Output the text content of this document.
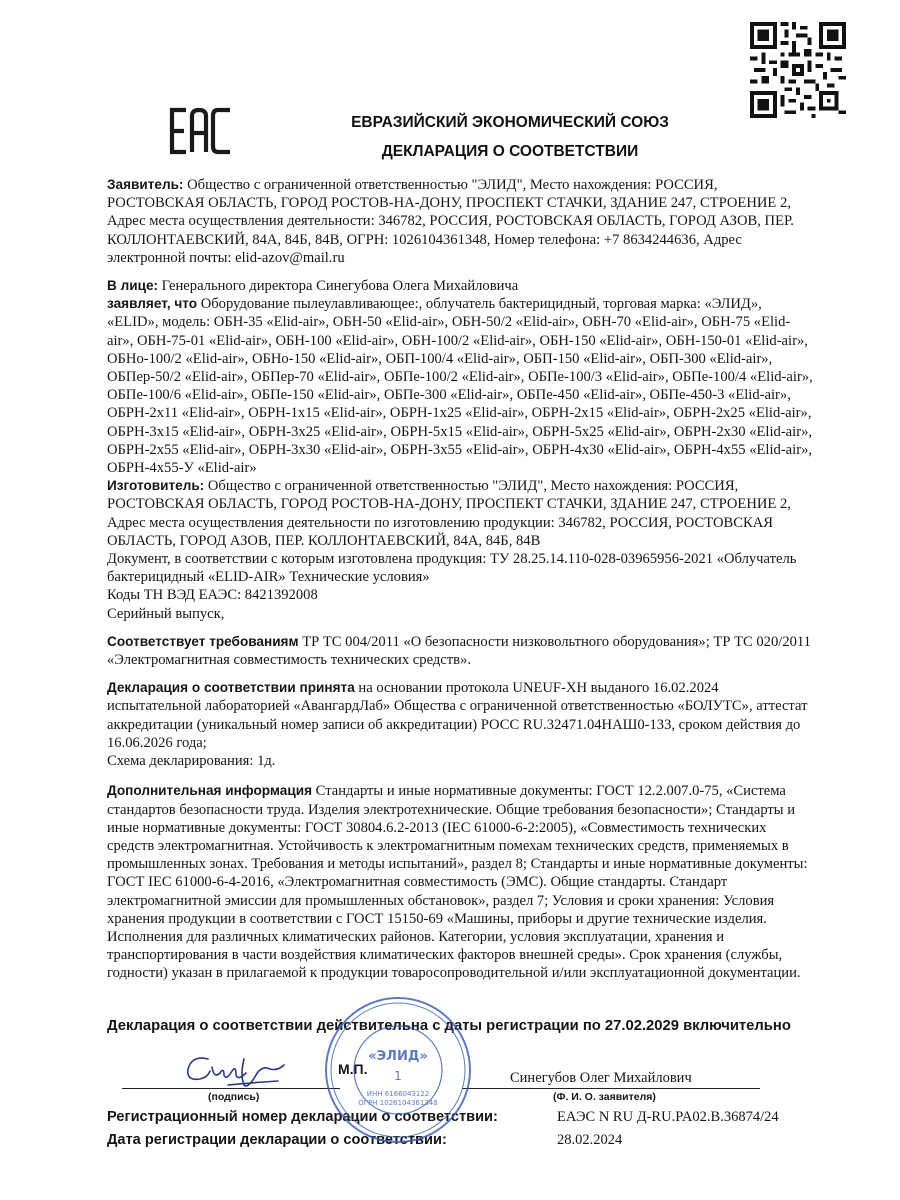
ЕВРАЗИЙСКИЙ ЭКОНОМИЧЕСКИЙ СОЮЗ
ДЕКЛАРАЦИЯ О СООТВЕТСТВИИ

Заявитель: Общество с ограниченной ответственностью "ЭЛИД", Место нахождения: РОССИЯ, РОСТОВСКАЯ ОБЛАСТЬ, ГОРОД РОСТОВ-НА-ДОНУ, ПРОСПЕКТ СТАЧКИ, ЗДАНИЕ 247, СТРОЕНИЕ 2, Адрес места осуществления деятельности: 346782, РОССИЯ, РОСТОВСКАЯ ОБЛАСТЬ, ГОРОД АЗОВ, ПЕР. КОЛЛОНТАЕВСКИЙ, 84А, 84Б, 84В, ОГРН: 1026104361348, Номер телефона: +7 8634244636, Адрес электронной почты: elid-azov@mail.ru

В лице: Генерального директора Синегубова Олега Михайловича

заявляет, что Оборудование пылеулавливающее:, облучатель бактерицидный, торговая марка: «ЭЛИД», «ELID», модель: ОБН-35 «Elid-air», ОБН-50 «Elid-air», ОБН-50/2 «Elid-air», ОБН-70 «Elid-air», ОБН-75 «Elid-air», ОБН-75-01 «Elid-air», ОБН-100 «Elid-air», ОБН-100/2 «Elid-air», ОБН-150 «Elid-air», ОБН-150-01 «Elid-air», ОБНо-100/2 «Elid-air», ОБНо-150 «Elid-air», ОБП-100/4 «Elid-air», ОБП-150 «Elid-air», ОБП-300 «Elid-air», ОБПер-50/2 «Elid-air», ОБПер-70 «Elid-air», ОБПе-100/2 «Elid-air», ОБПе-100/3 «Elid-air», ОБПе-100/4 «Elid-air», ОБПе-100/6 «Elid-air», ОБПе-150 «Elid-air», ОБПе-300 «Elid-air», ОБПе-450 «Elid-air», ОБПе-450-3 «Elid-air», ОБРН-2х11 «Elid-air», ОБРН-1х15 «Elid-air», ОБРН-1х25 «Elid-air», ОБРН-2х15 «Elid-air», ОБРН-2х25 «Elid-air», ОБРН-3х15 «Elid-air», ОБРН-3х25 «Elid-air», ОБРН-5х15 «Elid-air», ОБРН-5х25 «Elid-air», ОБРН-2х30 «Elid-air», ОБРН-2х55 «Elid-air», ОБРН-3х30 «Elid-air», ОБРН-3х55 «Elid-air», ОБРН-4х30 «Elid-air», ОБРН-4х55 «Elid-air», ОБРН-4х55-У «Elid-air»

Изготовитель: Общество с ограниченной ответственностью "ЭЛИД", Место нахождения: РОССИЯ, РОСТОВСКАЯ ОБЛАСТЬ, ГОРОД РОСТОВ-НА-ДОНУ, ПРОСПЕКТ СТАЧКИ, ЗДАНИЕ 247, СТРОЕНИЕ 2, Адрес места осуществления деятельности по изготовлению продукции: 346782, РОССИЯ, РОСТОВСКАЯ ОБЛАСТЬ, ГОРОД АЗОВ, ПЕР. КОЛЛОНТАЕВСКИЙ, 84А, 84Б, 84В

Документ, в соответствии с которым изготовлена продукция: ТУ 28.25.14.110-028-03965956-2021 «Облучатель бактерицидный «ELID-AIR» Технические условия»

Коды ТН ВЭД ЕАЭС: 8421392008

Серийный выпуск,

Соответствует требованиям ТР ТС 004/2011 «О безопасности низковольтного оборудования»; ТР ТС 020/2011 «Электромагнитная совместимость технических средств».

Декларация о соответствии принята на основании протокола UNEUF-XH выданого 16.02.2024 испытательной лабораторией «АвангардЛаб» Общества с ограниченной ответственностью «БОЛУТС», аттестат аккредитации (уникальный номер записи об аккредитации) РОСС RU.32471.04НАШ0-133, сроком действия до 16.06.2026 года;

Схема декларирования: 1д.

Дополнительная информация Стандарты и иные нормативные документы: ГОСТ 12.2.007.0-75, «Система стандартов безопасности труда. Изделия электротехнические. Общие требования безопасности»; Стандарты и иные нормативные документы: ГОСТ 30804.6.2-2013 (IEC 61000-6-2:2005), «Совместимость технических средств электромагнитная. Устойчивость к электромагнитным помехам технических средств, применяемых в промышленных зонах. Требования и методы испытаний», раздел 8; Стандарты и иные нормативные документы: ГОСТ IEC 61000-6-4-2016, «Электромагнитная совместимость (ЭМС). Общие стандарты. Стандарт электромагнитной эмиссии для промышленных обстановок», раздел 7; Условия и сроки хранения: Условия хранения продукции в соответствии с ГОСТ 15150-69 «Машины, приборы и другие технические изделия. Исполнения для различных климатических районов. Категории, условия эксплуатации, хранения и транспортирования в части воздействия климатических факторов внешней среды». Срок хранения (службы, годности) указан в прилагаемой к продукции товаросопроводительной и/или эксплуатационной документации.

Декларация о соответствии действительна с даты регистрации по 27.02.2029 включительно
(подпись)
М.П.
Синегубов Олег Михайлович
(Ф. И. О. заявителя)
Регистрационный номер декларации о соответствии:	ЕАЭС N RU Д-RU.PA02.B.36874/24
Дата регистрации декларации о соответствии:	28.02.2024
«ЭЛИД»
1
ИНН 6166043122
ОГРН 1026104361348
